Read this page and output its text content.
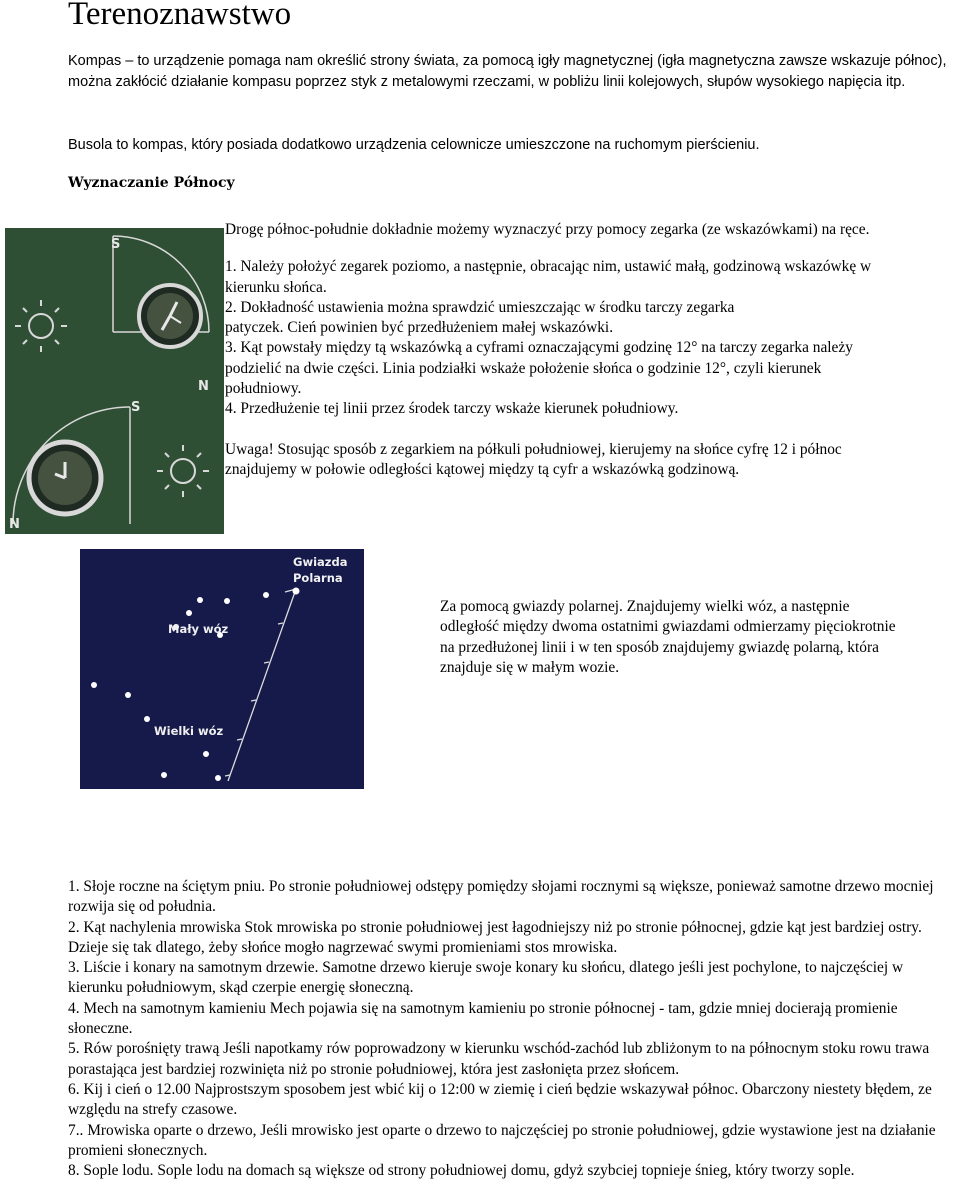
Terenoznawstwo
Kompas – to urządzenie pomaga nam określić strony świata, za pomocą igły magnetycznej (igła magnetyczna zawsze wskazuje północ), można zakłócić działanie kompasu poprzez styk z metalowymi rzeczami, w pobliżu linii kolejowych, słupów wysokiego napięcia itp.
Busola to kompas, który posiada dodatkowo urządzenia celownicze umieszczone na ruchomym pierścieniu.
Wyznaczanie Północy
S
N
S
N
Drogę północ-południe dokładnie możemy wyznaczyć przy pomocy zegarka (ze wskazówkami) na ręce.
1. Należy położyć zegarek poziomo, a następnie, obracając nim, ustawić małą, godzinową wskazówkę w
kierunku słońca.
2. Dokładność ustawienia można sprawdzić umieszczając w środku tarczy zegarka
patyczek. Cień powinien być przedłużeniem małej wskazówki.
3. Kąt powstały między tą wskazówką a cyframi oznaczającymi godzinę 12° na tarczy zegarka należy
podzielić na dwie części. Linia podziałki wskaże położenie słońca o godzinie 12°, czyli kierunek
południowy.
4. Przedłużenie tej linii przez środek tarczy wskaże kierunek południowy.
Uwaga! Stosując sposób z zegarkiem na półkuli południowej, kierujemy na słońce cyfrę 12 i północ
znajdujemy w połowie odległości kątowej między tą cyfr a wskazówką godzinową.
Gwiazda
Polarna
Mały wóz
Wielki wóz
Za pomocą gwiazdy polarnej. Znajdujemy wielki wóz, a następnie
odległość między dwoma ostatnimi gwiazdami odmierzamy pięciokrotnie
na przedłużonej linii i w ten sposób znajdujemy gwiazdę polarną, która
znajduje się w małym wozie.

1. Słoje roczne na ściętym pniu. Po stronie południowej odstępy pomiędzy słojami rocznymi są większe, ponieważ samotne drzewo mocniej rozwija się od południa.

2. Kąt nachylenia mrowiska Stok mrowiska po stronie południowej jest łagodniejszy niż po stronie północnej, gdzie kąt jest bardziej ostry. Dzieje się tak dlatego, żeby słońce mogło nagrzewać swymi promieniami stos mrowiska.

3. Liście i konary na samotnym drzewie. Samotne drzewo kieruje swoje konary ku słońcu, dlatego jeśli jest pochylone, to najczęściej w kierunku południowym, skąd czerpie energię słoneczną.

4. Mech na samotnym kamieniu Mech pojawia się na samotnym kamieniu po stronie północnej - tam, gdzie mniej docierają promienie słoneczne.

5. Rów porośnięty trawą Jeśli napotkamy rów poprowadzony w kierunku wschód-zachód lub zbliżonym to na północnym stoku rowu trawa porastająca jest bardziej rozwinięta niż po stronie południowej, która jest zasłonięta przez słońcem.

6. Kij i cień o 12.00 Najprostszym sposobem jest wbić kij o 12:00 w ziemię i cień będzie wskazywał północ. Obarczony niestety błędem, ze względu na strefy czasowe.

7.. Mrowiska oparte o drzewo, Jeśli mrowisko jest oparte o drzewo to najczęściej po stronie południowej, gdzie wystawione jest na działanie promieni słonecznych.

8. Sople lodu. Sople lodu na domach są większe od strony południowej domu, gdyż szybciej topnieje śnieg, który tworzy sople.
